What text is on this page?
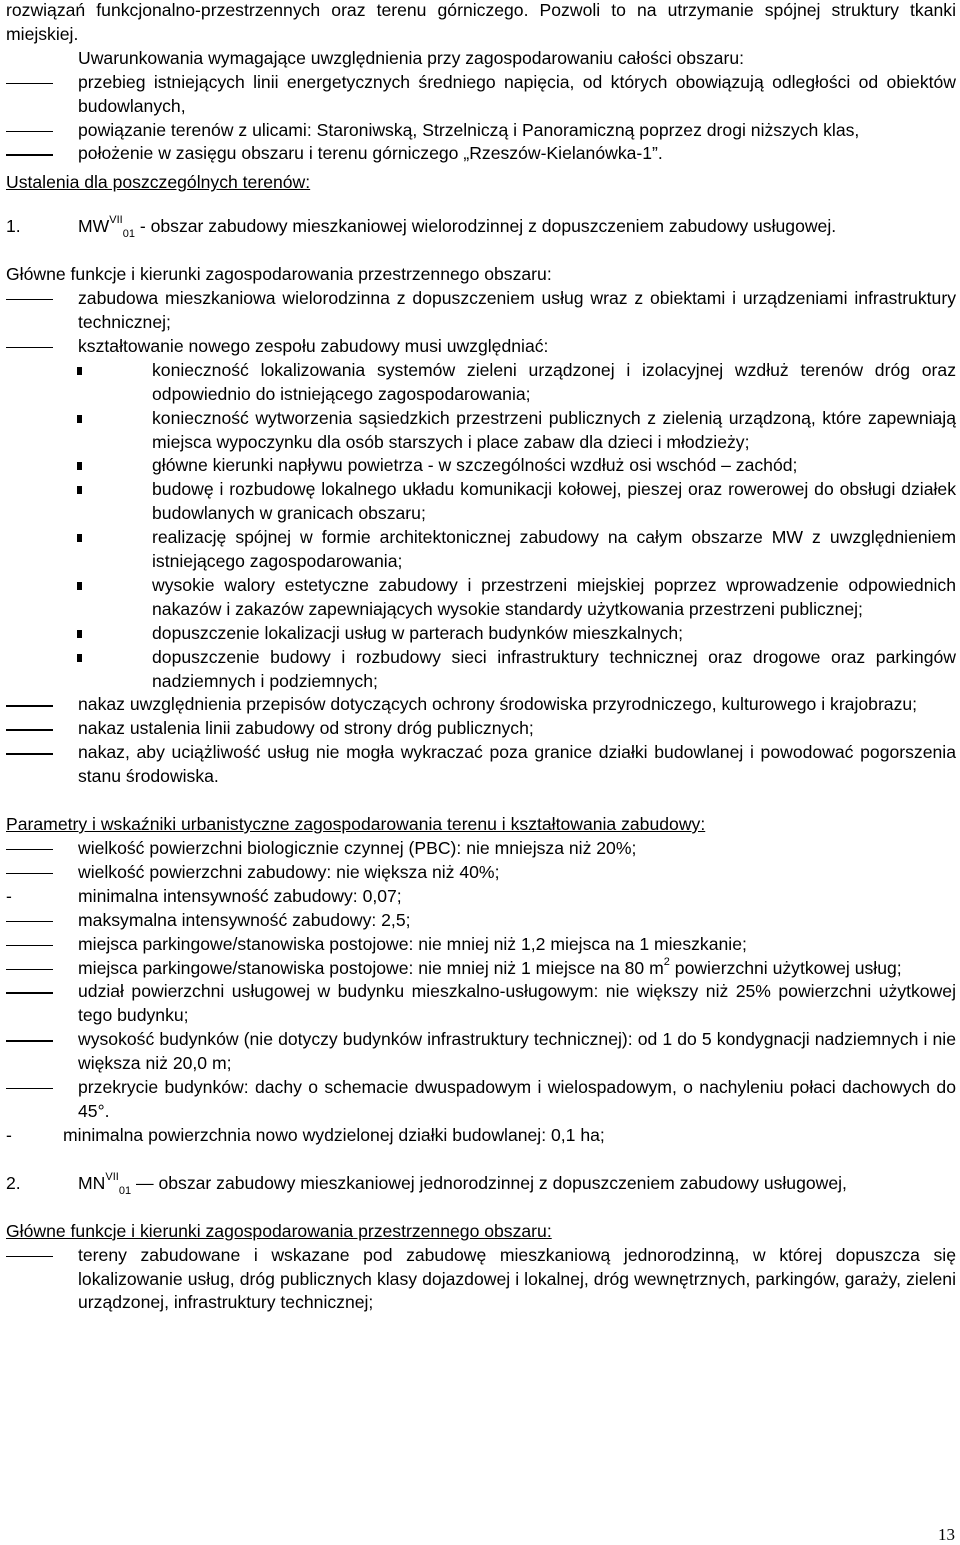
rozwiązań funkcjonalno-przestrzennych oraz terenu górniczego. Pozwoli to na utrzymanie spójnej struktury tkanki miejskiej.

Uwarunkowania wymagające uwzględnienia przy zagospodarowaniu całości obszaru:

przebieg istniejących linii energetycznych średniego napięcia, od których obowiązują odległości od obiektów budowlanych,
powiązanie terenów z ulicami: Staroniwską, Strzelniczą i Panoramiczną poprzez drogi niższych klas,
położenie w zasięgu obszaru i terenu górniczego „Rzeszów-Kielanówka-1”.

Ustalenia dla poszczególnych terenów:

1.	$MW^{VII}_{01}$ - obszar zabudowy mieszkaniowej wielorodzinnej z dopuszczeniem zabudowy usługowej.

Główne funkcje i kierunki zagospodarowania przestrzennego obszaru:

zabudowa mieszkaniowa wielorodzinna z dopuszczeniem usług wraz z obiektami i urządzeniami infrastruktury technicznej;
kształtowanie nowego zespołu zabudowy musi uwzględniać:
konieczność lokalizowania systemów zieleni urządzonej i izolacyjnej wzdłuż terenów dróg oraz odpowiednio do istniejącego zagospodarowania;
konieczność wytworzenia sąsiedzkich przestrzeni publicznych z zielenią urządzoną, które zapewniają miejsca wypoczynku dla osób starszych i place zabaw dla dzieci i młodzieży;
główne kierunki napływu powietrza - w szczególności wzdłuż osi wschód – zachód;
budowę i rozbudowę lokalnego układu komunikacji kołowej, pieszej oraz rowerowej do obsługi działek budowlanych w granicach obszaru;
realizację spójnej w formie architektonicznej zabudowy na całym obszarze MW z uwzględnieniem istniejącego zagospodarowania;
wysokie walory estetyczne zabudowy i przestrzeni miejskiej poprzez wprowadzenie odpowiednich nakazów i zakazów zapewniających wysokie standardy użytkowania przestrzeni publicznej;
dopuszczenie lokalizacji usług w parterach budynków mieszkalnych;
dopuszczenie budowy i rozbudowy sieci infrastruktury technicznej oraz drogowe oraz parkingów nadziemnych i podziemnych;
nakaz uwzględnienia przepisów dotyczących ochrony środowiska przyrodniczego, kulturowego i krajobrazu;
nakaz ustalenia linii zabudowy od strony dróg publicznych;
nakaz, aby uciążliwość usług nie mogła wykraczać poza granice działki budowlanej i powodować pogorszenia stanu środowiska.

Parametry i wskaźniki urbanistyczne zagospodarowania terenu i kształtowania zabudowy:

wielkość powierzchni biologicznie czynnej (PBC): nie mniejsza niż 20%;
wielkość powierzchni zabudowy: nie większa niż 40%;
-	minimalna intensywność zabudowy: 0,07;
maksymalna intensywność zabudowy: 2,5;
miejsca parkingowe/stanowiska postojowe: nie mniej niż 1,2 miejsca na 1 mieszkanie;
miejsca parkingowe/stanowiska postojowe: nie mniej niż 1 miejsce na 80 $m^2$ powierzchni użytkowej usług;
udział powierzchni usługowej w budynku mieszkalno-usługowym: nie większy niż 25% powierzchni użytkowej tego budynku;
wysokość budynków (nie dotyczy budynków infrastruktury technicznej): od 1 do 5 kondygnacji nadziemnych i nie większa niż 20,0 m;
przekrycie budynków: dachy o schemacie dwuspadowym i wielospadowym, o nachyleniu połaci dachowych do 45°.
-	minimalna powierzchnia nowo wydzielonej działki budowlanej: 0,1 ha;
2.	$MN^{VII}_{01}$ — obszar zabudowy mieszkaniowej jednorodzinnej z dopuszczeniem zabudowy usługowej,

Główne funkcje i kierunki zagospodarowania przestrzennego obszaru:

tereny zabudowane i wskazane pod zabudowę mieszkaniową jednorodzinną, w której dopuszcza się lokalizowanie usług, dróg publicznych klasy dojazdowej i lokalnej, dróg wewnętrznych, parkingów, garaży, zieleni urządzonej, infrastruktury technicznej;
13
